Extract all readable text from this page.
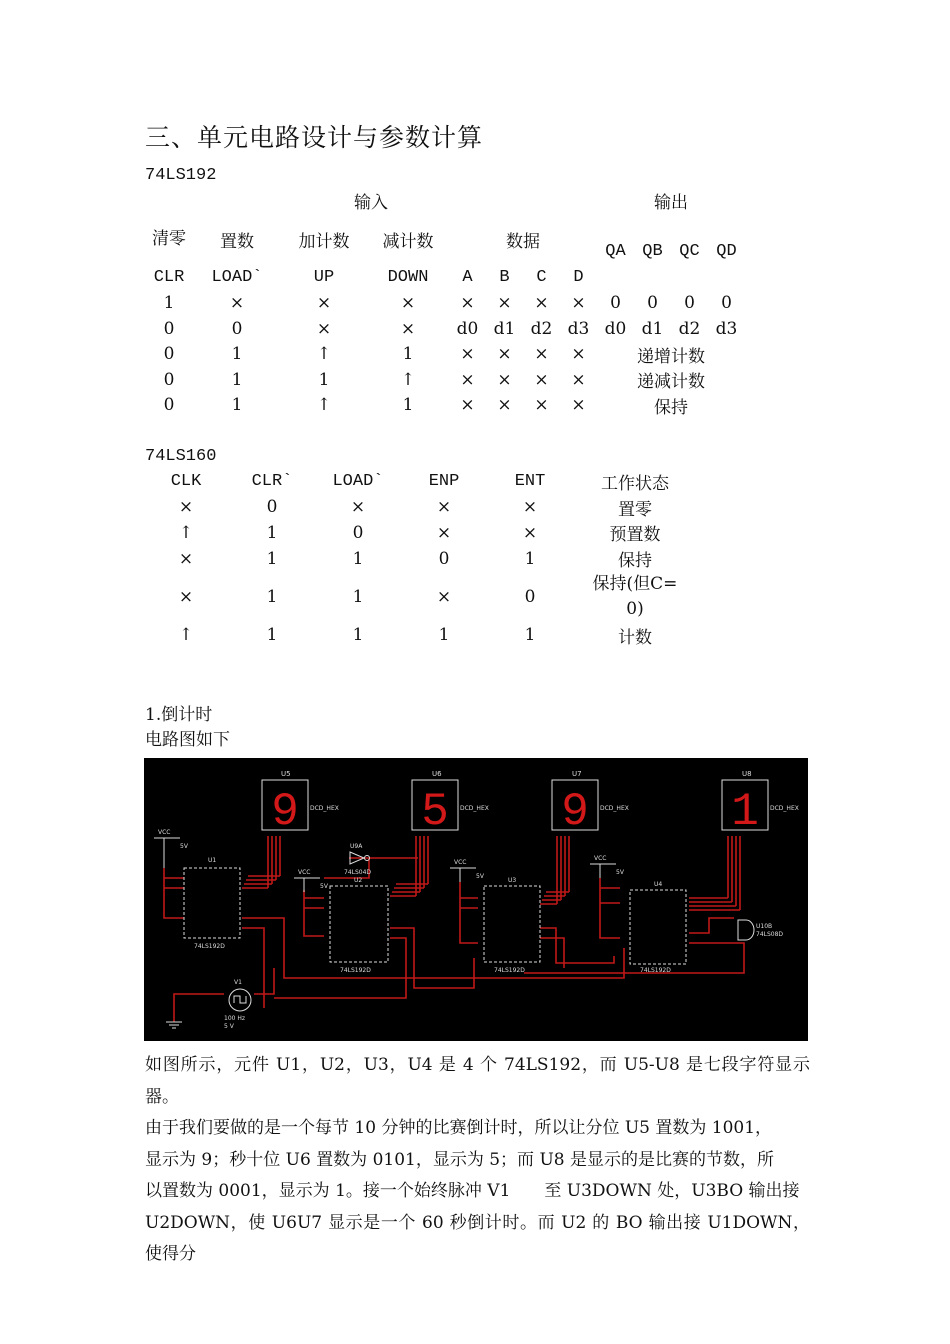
三、单元电路设计与参数计算
74LS192
输入								输出			
清零	置数	加计数	减计数	数据				QA	QB	QC	QD
CLR	LOAD`	UP	DOWN	A	B	C	D				
1	×	×	×	×	×	×	×	0	0	0	0
0	0	×	×	d0	d1	d2	d3	d0	d1	d2	d3
0	1	↑	1	×	×	×	×	递增计数			
0	1	1	↑	×	×	×	×	递减计数			
0	1	↑	1	×	×	×	×	保持			
74LS160
CLK	CLR`	LOAD`	ENP	ENT	工作状态
×	0	×	×	×	置零
↑	1	0	×	×	预置数
×	1	1	0	1	保持
×	1	1	×	0	保持(但C=0)
↑	1	1	1	1	计数
1.倒计时
电路图如下
9
U5
DCD_HEX 5
U6
DCD_HEX 9
U7
DCD_HEX 1
U8
DCD_HEX
U1
74LS192D
U2
74LS192D
U3
74LS192D
U4
74LS192D
VCC
5V
VCC
5V
VCC
5V
VCC
5V
U9A
74LS04D
U10B
74LS08D
V1
100 Hz
5 V
如图所示，元件 U1，U2，U3，U4 是 4 个 74LS192，而 U5-U8 是七段字符显示器。
由于我们要做的是一个每节 10 分钟的比赛倒计时，所以让分位 U5 置数为 1001，
显示为 9；秒十位 U6 置数为 0101，显示为 5；而 U8 是显示的是比赛的节数，所
以置数为 0001，显示为 1。接一个始终脉冲 V1　　至 U3DOWN 处，U3BO 输出接
U2DOWN，使 U6U7 显示是一个 60 秒倒计时。而 U2 的 BO 输出接 U1DOWN，使得分
